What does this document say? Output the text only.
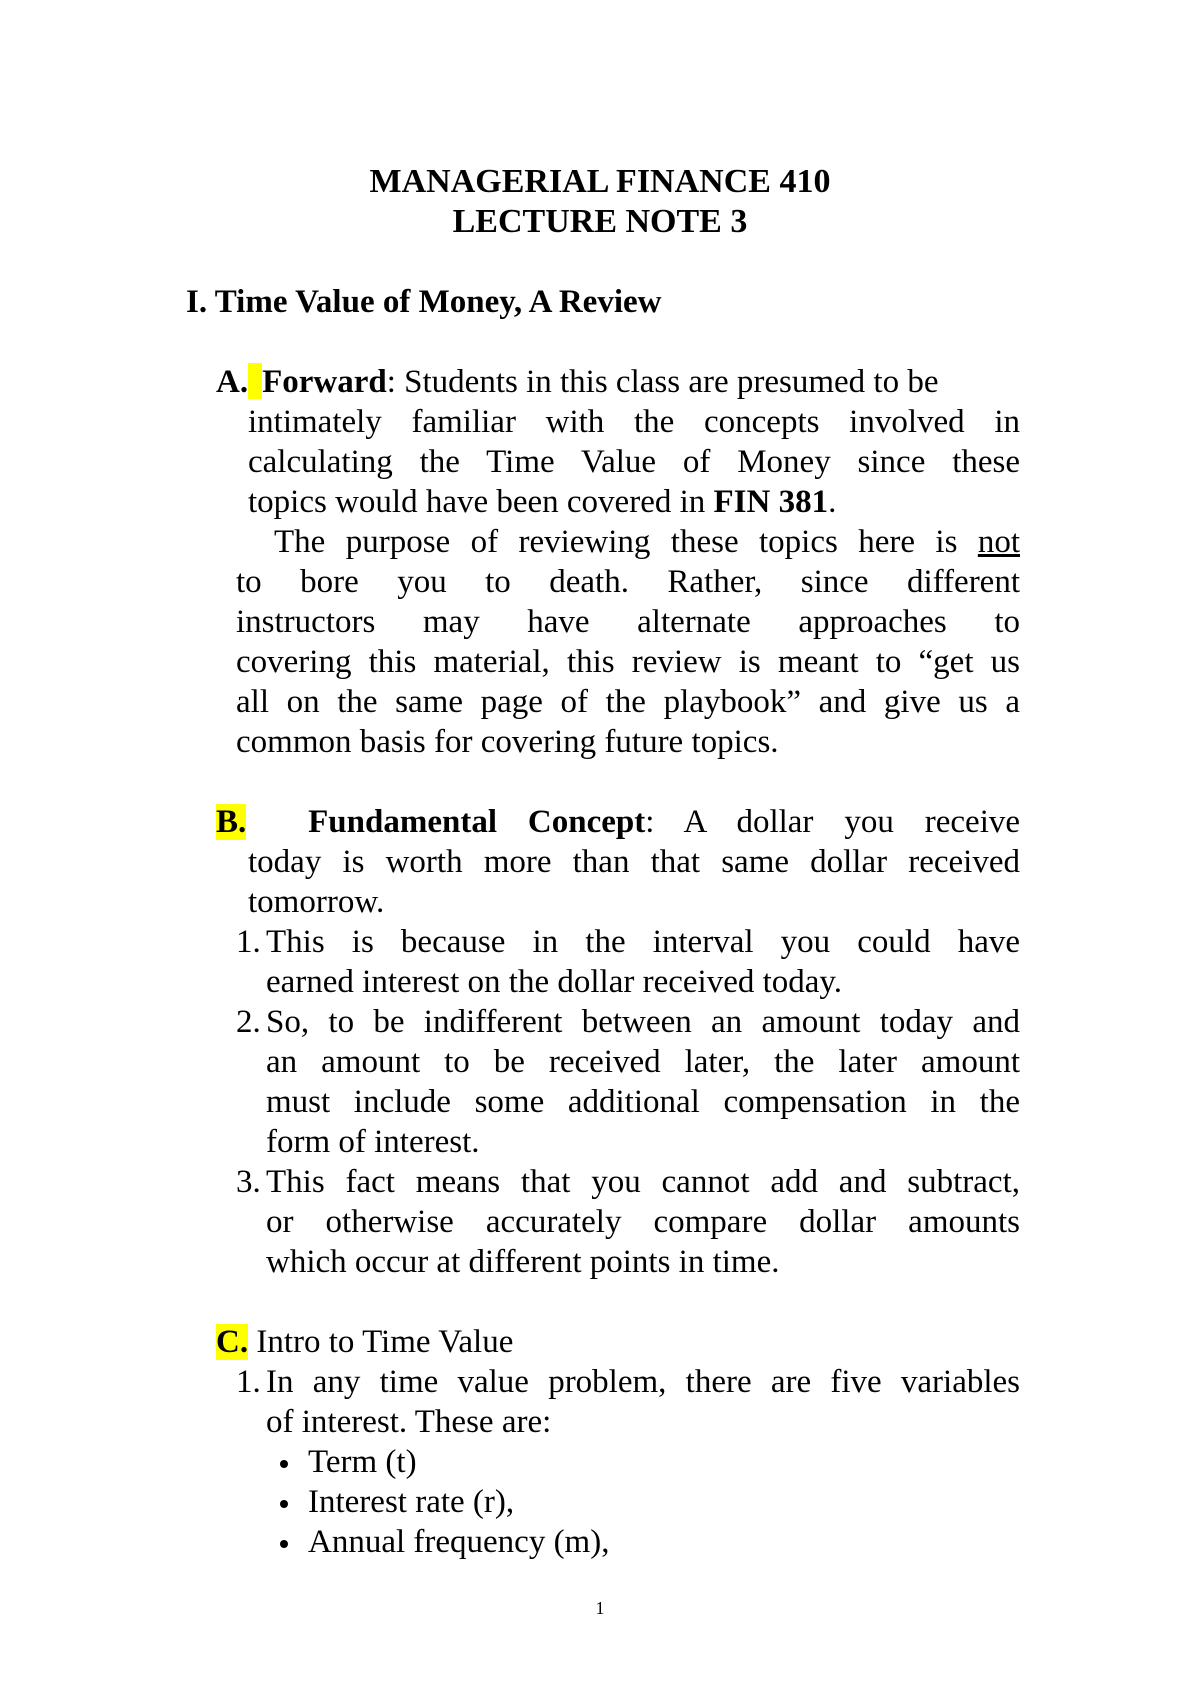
MANAGERIAL FINANCE 410
LECTURE NOTE 3
I. Time Value of Money, A Review
A. Forward: Students in this class are presumed to be
intimately familiar with the concepts involved in
calculating the Time Value of Money since these
topics would have been covered in FIN 381.
The purpose of reviewing these topics here is not
to bore you to death. Rather, since different
instructors may have alternate approaches to
covering this material, this review is meant to “get us
all on the same page of the playbook” and give us a
common basis for covering future topics.
B. Fundamental Concept: A dollar you receive
today is worth more than that same dollar received
tomorrow.
1. This is because in the interval you could have
earned interest on the dollar received today.
2. So, to be indifferent between an amount today and
an amount to be received later, the later amount
must include some additional compensation in the
form of interest.
3. This fact means that you cannot add and subtract,
or otherwise accurately compare dollar amounts
which occur at different points in time.
C. Intro to Time Value
1. In any time value problem, there are five variables
of interest. These are:
Term (t)
Interest rate (r),
Annual frequency (m),
1
